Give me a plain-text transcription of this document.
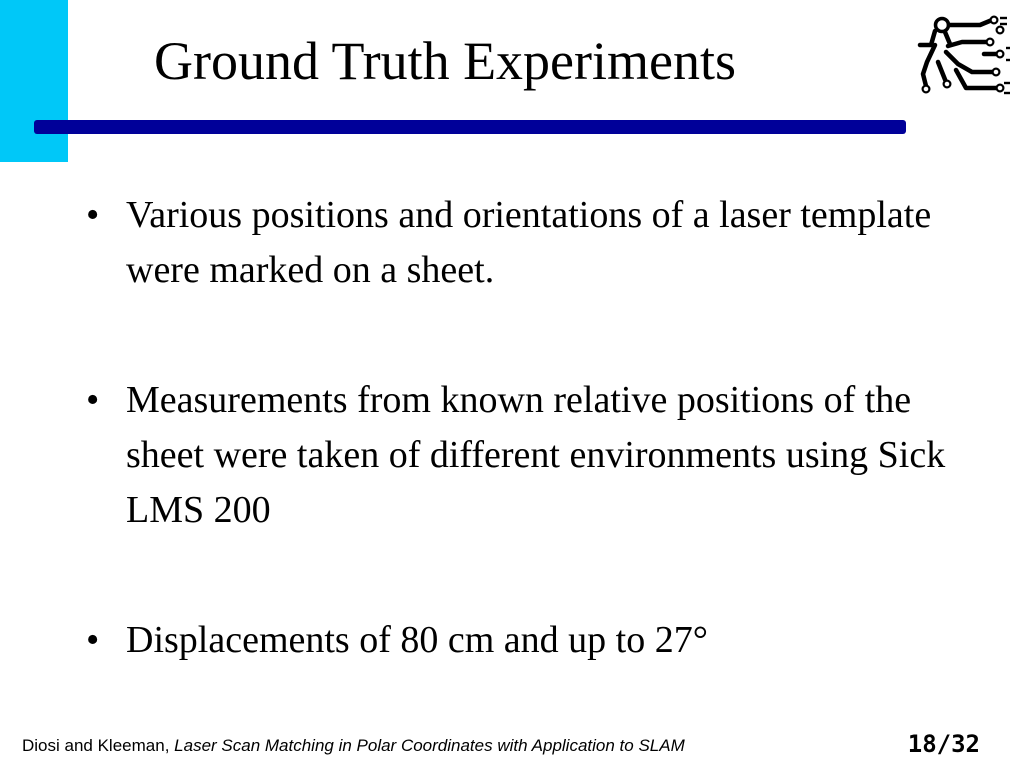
Ground Truth Experiments
• Various positions and orientations of a laser template were marked on a sheet.
• Measurements from known relative positions of the sheet were taken of different environments using Sick LMS 200
• Displacements of 80 cm and up to 27°
Diosi and Kleeman, Laser Scan Matching in Polar Coordinates with Application to SLAM	18/32
